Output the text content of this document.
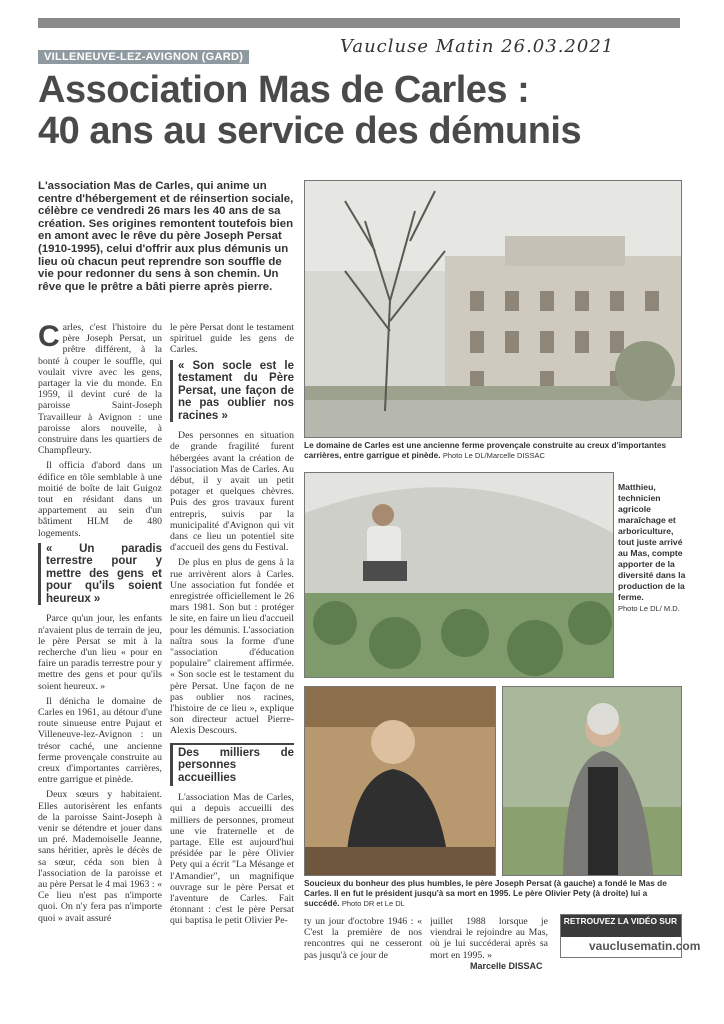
VILLENEUVE-LEZ-AVIGNON (GARD)	Vaucluse Matin 26.03.2021
Association Mas de Carles :
40 ans au service des démunis
L'association Mas de Carles, qui anime un centre d'hébergement et de réinsertion sociale, célèbre ce vendredi 26 mars les 40 ans de sa création. Ses origines remontent toutefois bien en amont avec le rêve du père Joseph Persat (1910-1995), celui d'offrir aux plus démunis un lieu où chacun peut reprendre son souffle de vie pour redonner du sens à son chemin. Un rêve que le prêtre a bâti pierre après pierre.

Carles, c'est l'histoire du père Joseph Persat, un prêtre différent, à la bonté à couper le souffle, qui voulait vivre avec les gens, partager la vie du monde. En 1959, il devint curé de la paroisse Saint-Joseph Travailleur à Avignon : une paroisse alors nouvelle, à construire dans les quartiers de Champfleury.

Il officia d'abord dans un édifice en tôle semblable à une moitié de boîte de lait Guigoz tout en résidant dans un appartement au sein d'un bâtiment HLM de 480 logements.

« Un paradis terrestre pour y mettre des gens et pour qu'ils soient heureux »

Parce qu'un jour, les enfants n'avaient plus de terrain de jeu, le père Persat se mit à la recherche d'un lieu « pour en faire un paradis terrestre pour y mettre des gens et pour qu'ils soient heureux. »

Il dénicha le domaine de Carles en 1961, au détour d'une route sinueuse entre Pujaut et Villeneuve-lez-Avignon : un trésor caché, une ancienne ferme provençale construite au creux d'importantes carrières, entre garrigue et pinède.

Deux sœurs y habitaient. Elles autorisèrent les enfants de la paroisse Saint-Joseph à venir se détendre et jouer dans un pré. Mademoiselle Jeanne, sans héritier, après le décès de sa sœur, céda son bien à l'association de la paroisse et au père Persat le 4 mai 1963 : « Ce lieu n'est pas n'importe quoi. On n'y fera pas n'importe quoi » avait assuré

le père Persat dont le testament spirituel guide les gens de Carles.

« Son socle est le testament du Père Persat, une façon de ne pas oublier nos racines »

Des personnes en situation de grande fragilité furent hébergées avant la création de l'association Mas de Carles. Au début, il y avait un petit potager et quelques chèvres. Puis des gros travaux furent entrepris, suivis par la municipalité d'Avignon qui vit dans ce lieu un potentiel site d'accueil des gens du Festival.

De plus en plus de gens à la rue arrivèrent alors à Carles. Une association fut fondée et enregistrée officiellement le 26 mars 1981. Son but : protéger le site, en faire un lieu d'accueil pour les démunis. L'association naîtra sous la forme d'une "association d'éducation populaire" clairement affirmée. « Son socle est le testament du père Persat. Une façon de ne pas oublier nos racines, l'histoire de ce lieu », explique son directeur actuel Pierre-Alexis Descours.

Des milliers de personnes accueillies

L'association Mas de Carles, qui a depuis accueilli des milliers de personnes, promeut une vie fraternelle et de partage. Elle est aujourd'hui présidée par le père Olivier Pety qui a écrit "La Mésange et l'Amandier", un magnifique ouvrage sur le père Persat et l'aventure de Carles. Fait étonnant : c'est le père Persat qui baptisa le petit Olivier Pe-

Le domaine de Carles est une ancienne ferme provençale construite au creux d'importantes carrières, entre garrigue et pinède. Photo Le DL/Marcelle DISSAC
Matthieu, technicien agricole maraîchage et arboriculture, tout juste arrivé au Mas, compte apporter de la diversité dans la production de la ferme.
Photo Le DL/ M.D.
Soucieux du bonheur des plus humbles, le père Joseph Persat (à gauche) a fondé le Mas de Carles. Il en fut le président jusqu'à sa mort en 1995. Le père Olivier Pety (à droite) lui a succédé. Photo DR et Le DL

ty un jour d'octobre 1946 : « C'est la première de nos rencontres qui ne cesseront pas jusqu'à ce jour de

juillet 1988 lorsque je viendrai le rejoindre au Mas, où je lui succéderai après sa mort en 1995. »

Marcelle DISSAC
RETROUVEZ LA VIDÉO SUR
vauclusematin.com
